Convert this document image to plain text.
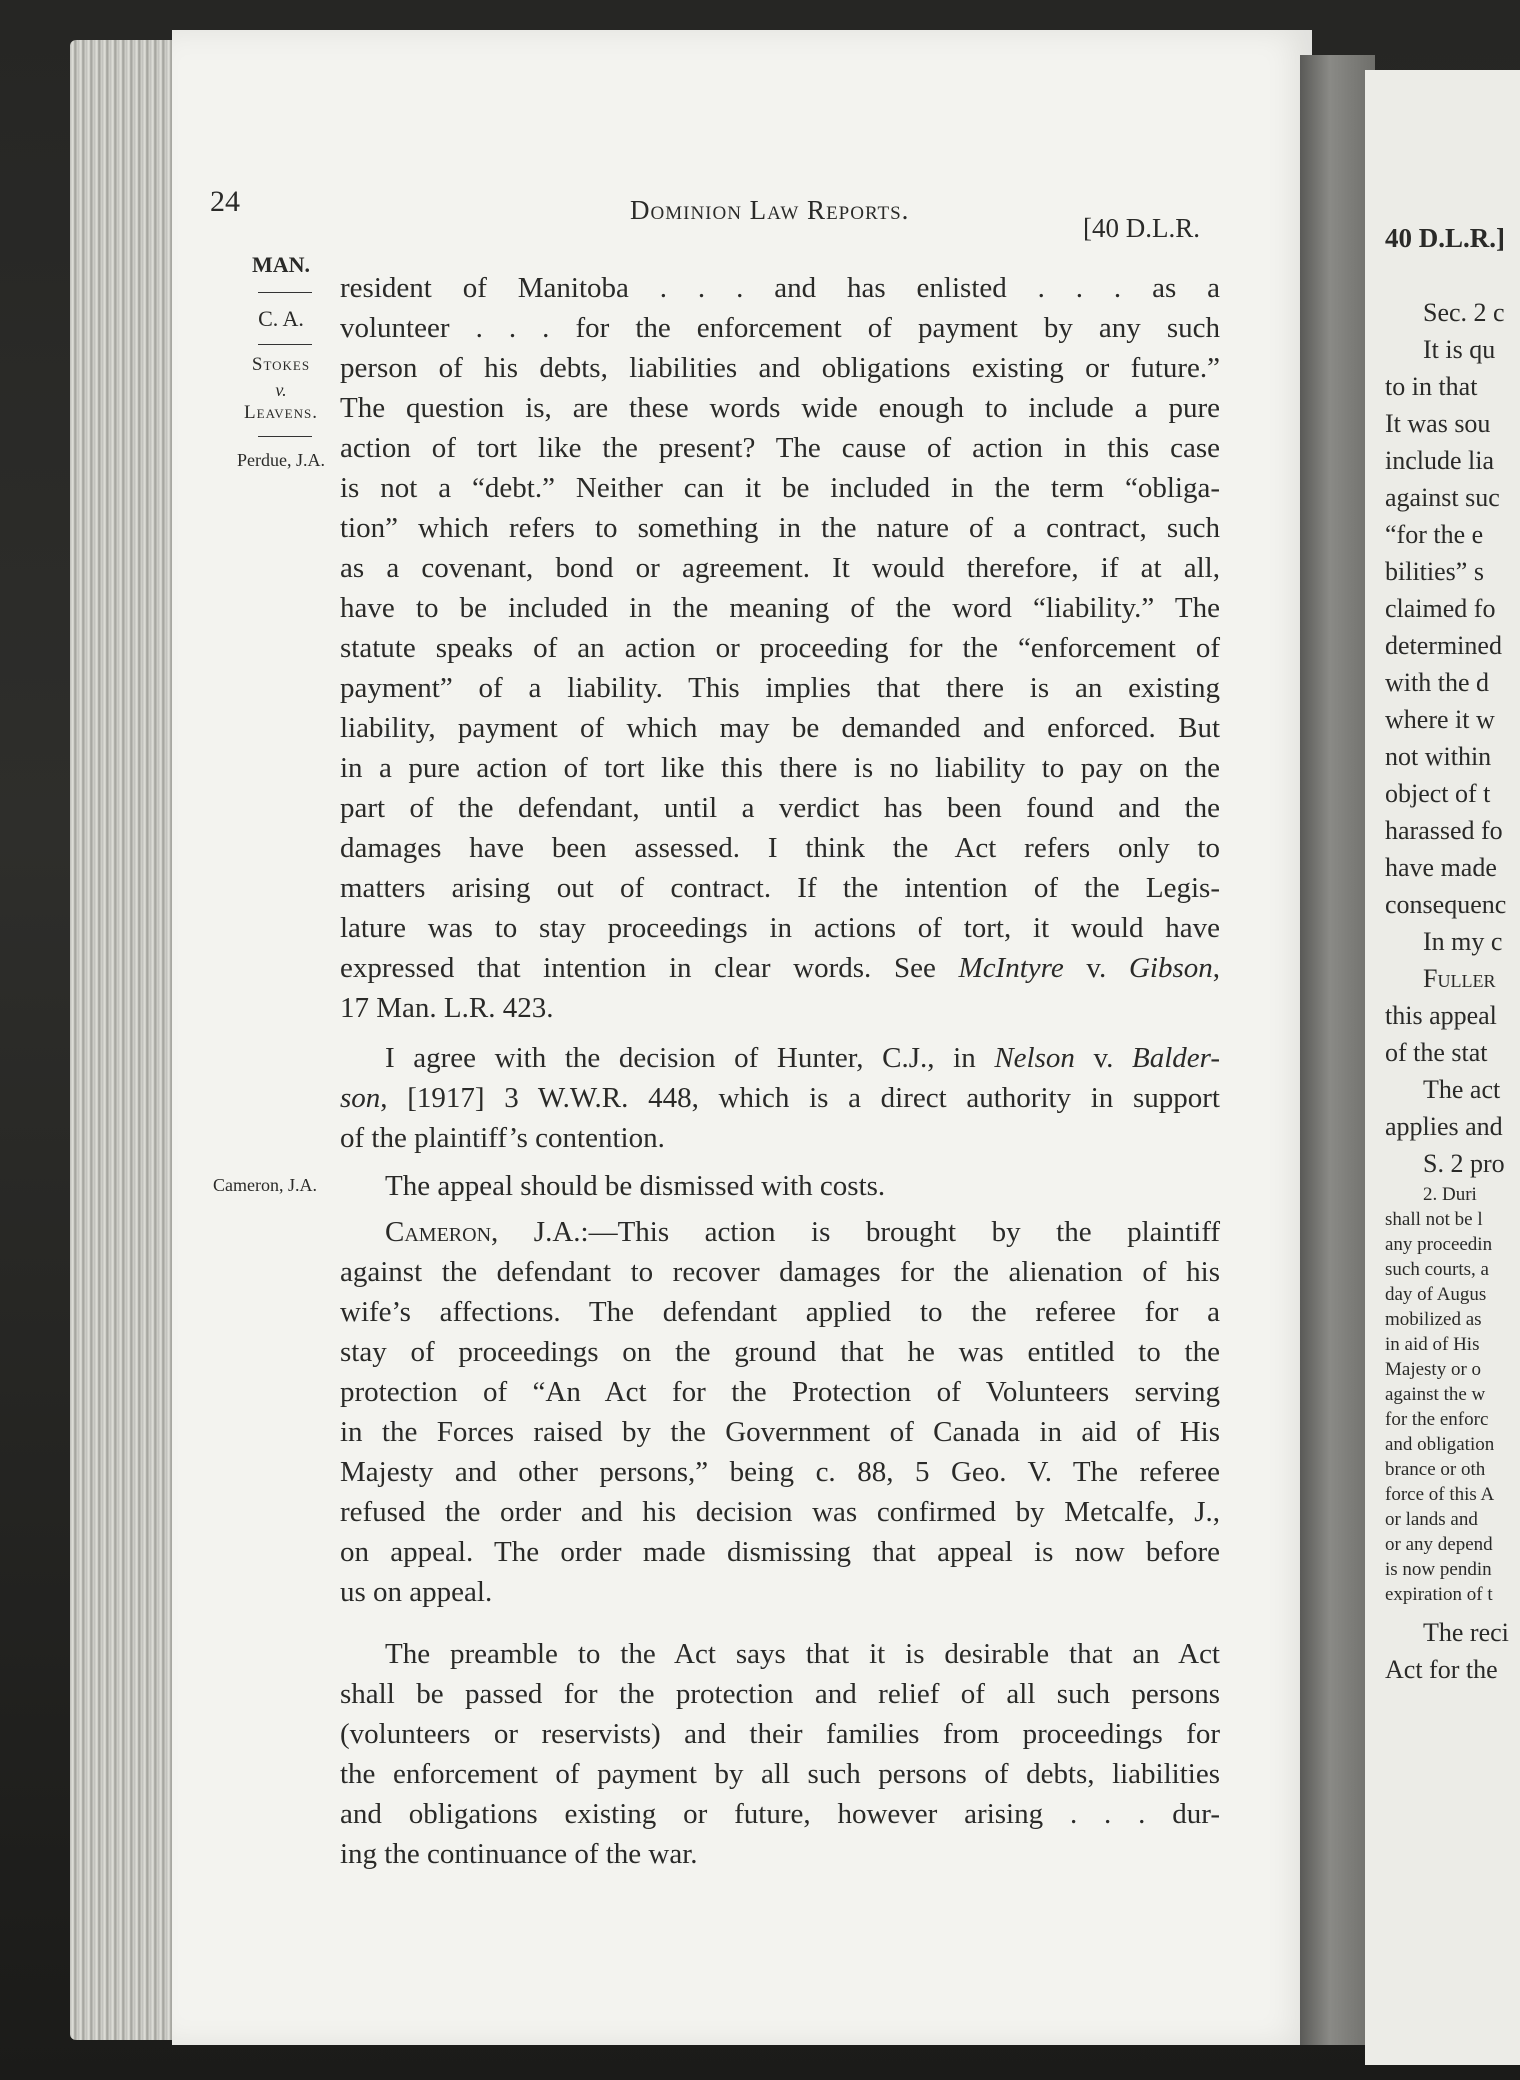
24	Dominion Law Reports.
[40 D.L.R.
MAN.
C. A.
Stokes
v.
Leavens.
Perdue, J.A.
Cameron, J.A.
resident of Manitoba . . . and has enlisted . . . as a
volunteer . . . for the enforcement of payment by any such
person of his debts, liabilities and obligations existing or future.”
The question is, are these words wide enough to include a pure
action of tort like the present? The cause of action in this case
is not a “debt.” Neither can it be included in the term “obliga-
tion” which refers to something in the nature of a contract, such
as a covenant, bond or agreement. It would therefore, if at all,
have to be included in the meaning of the word “liability.” The
statute speaks of an action or proceeding for the “enforcement of
payment” of a liability. This implies that there is an existing
liability, payment of which may be demanded and enforced. But
in a pure action of tort like this there is no liability to pay on the
part of the defendant, until a verdict has been found and the
damages have been assessed. I think the Act refers only to
matters arising out of contract. If the intention of the Legis-
lature was to stay proceedings in actions of tort, it would have
expressed that intention in clear words. See McIntyre v. Gibson,
17 Man. L.R. 423.
I agree with the decision of Hunter, C.J., in Nelson v. Balder-
son, [1917] 3 W.W.R. 448, which is a direct authority in support
of the plaintiff’s contention.
The appeal should be dismissed with costs.
Cameron, J.A.:—This action is brought by the plaintiff
against the defendant to recover damages for the alienation of his
wife’s affections. The defendant applied to the referee for a
stay of proceedings on the ground that he was entitled to the
protection of “An Act for the Protection of Volunteers serving
in the Forces raised by the Government of Canada in aid of His
Majesty and other persons,” being c. 88, 5 Geo. V. The referee
refused the order and his decision was confirmed by Metcalfe, J.,
on appeal. The order made dismissing that appeal is now before
us on appeal.
The preamble to the Act says that it is desirable that an Act
shall be passed for the protection and relief of all such persons
(volunteers or reservists) and their families from proceedings for
the enforcement of payment by all such persons of debts, liabilities
and obligations existing or future, however arising . . . dur-
ing the continuance of the war.
40 D.L.R.]
Sec. 2 c
It is qu
to in that
It was sou
include lia
against suc
“for the e
bilities” s
claimed fo
determined
with the d
where it w
not within
object of t
harassed fo
have made
consequenc
In my c
Fuller
this appeal
of the stat
The act
applies and
S. 2 pro
2. Duri
shall not be l
any proceedin
such courts, a
day of Augus
mobilized as
in aid of His
Majesty or o
against the w
for the enforc
and obligation
brance or oth
force of this A
or lands and
or any depend
is now pendin
expiration of t
The reci
Act for the
